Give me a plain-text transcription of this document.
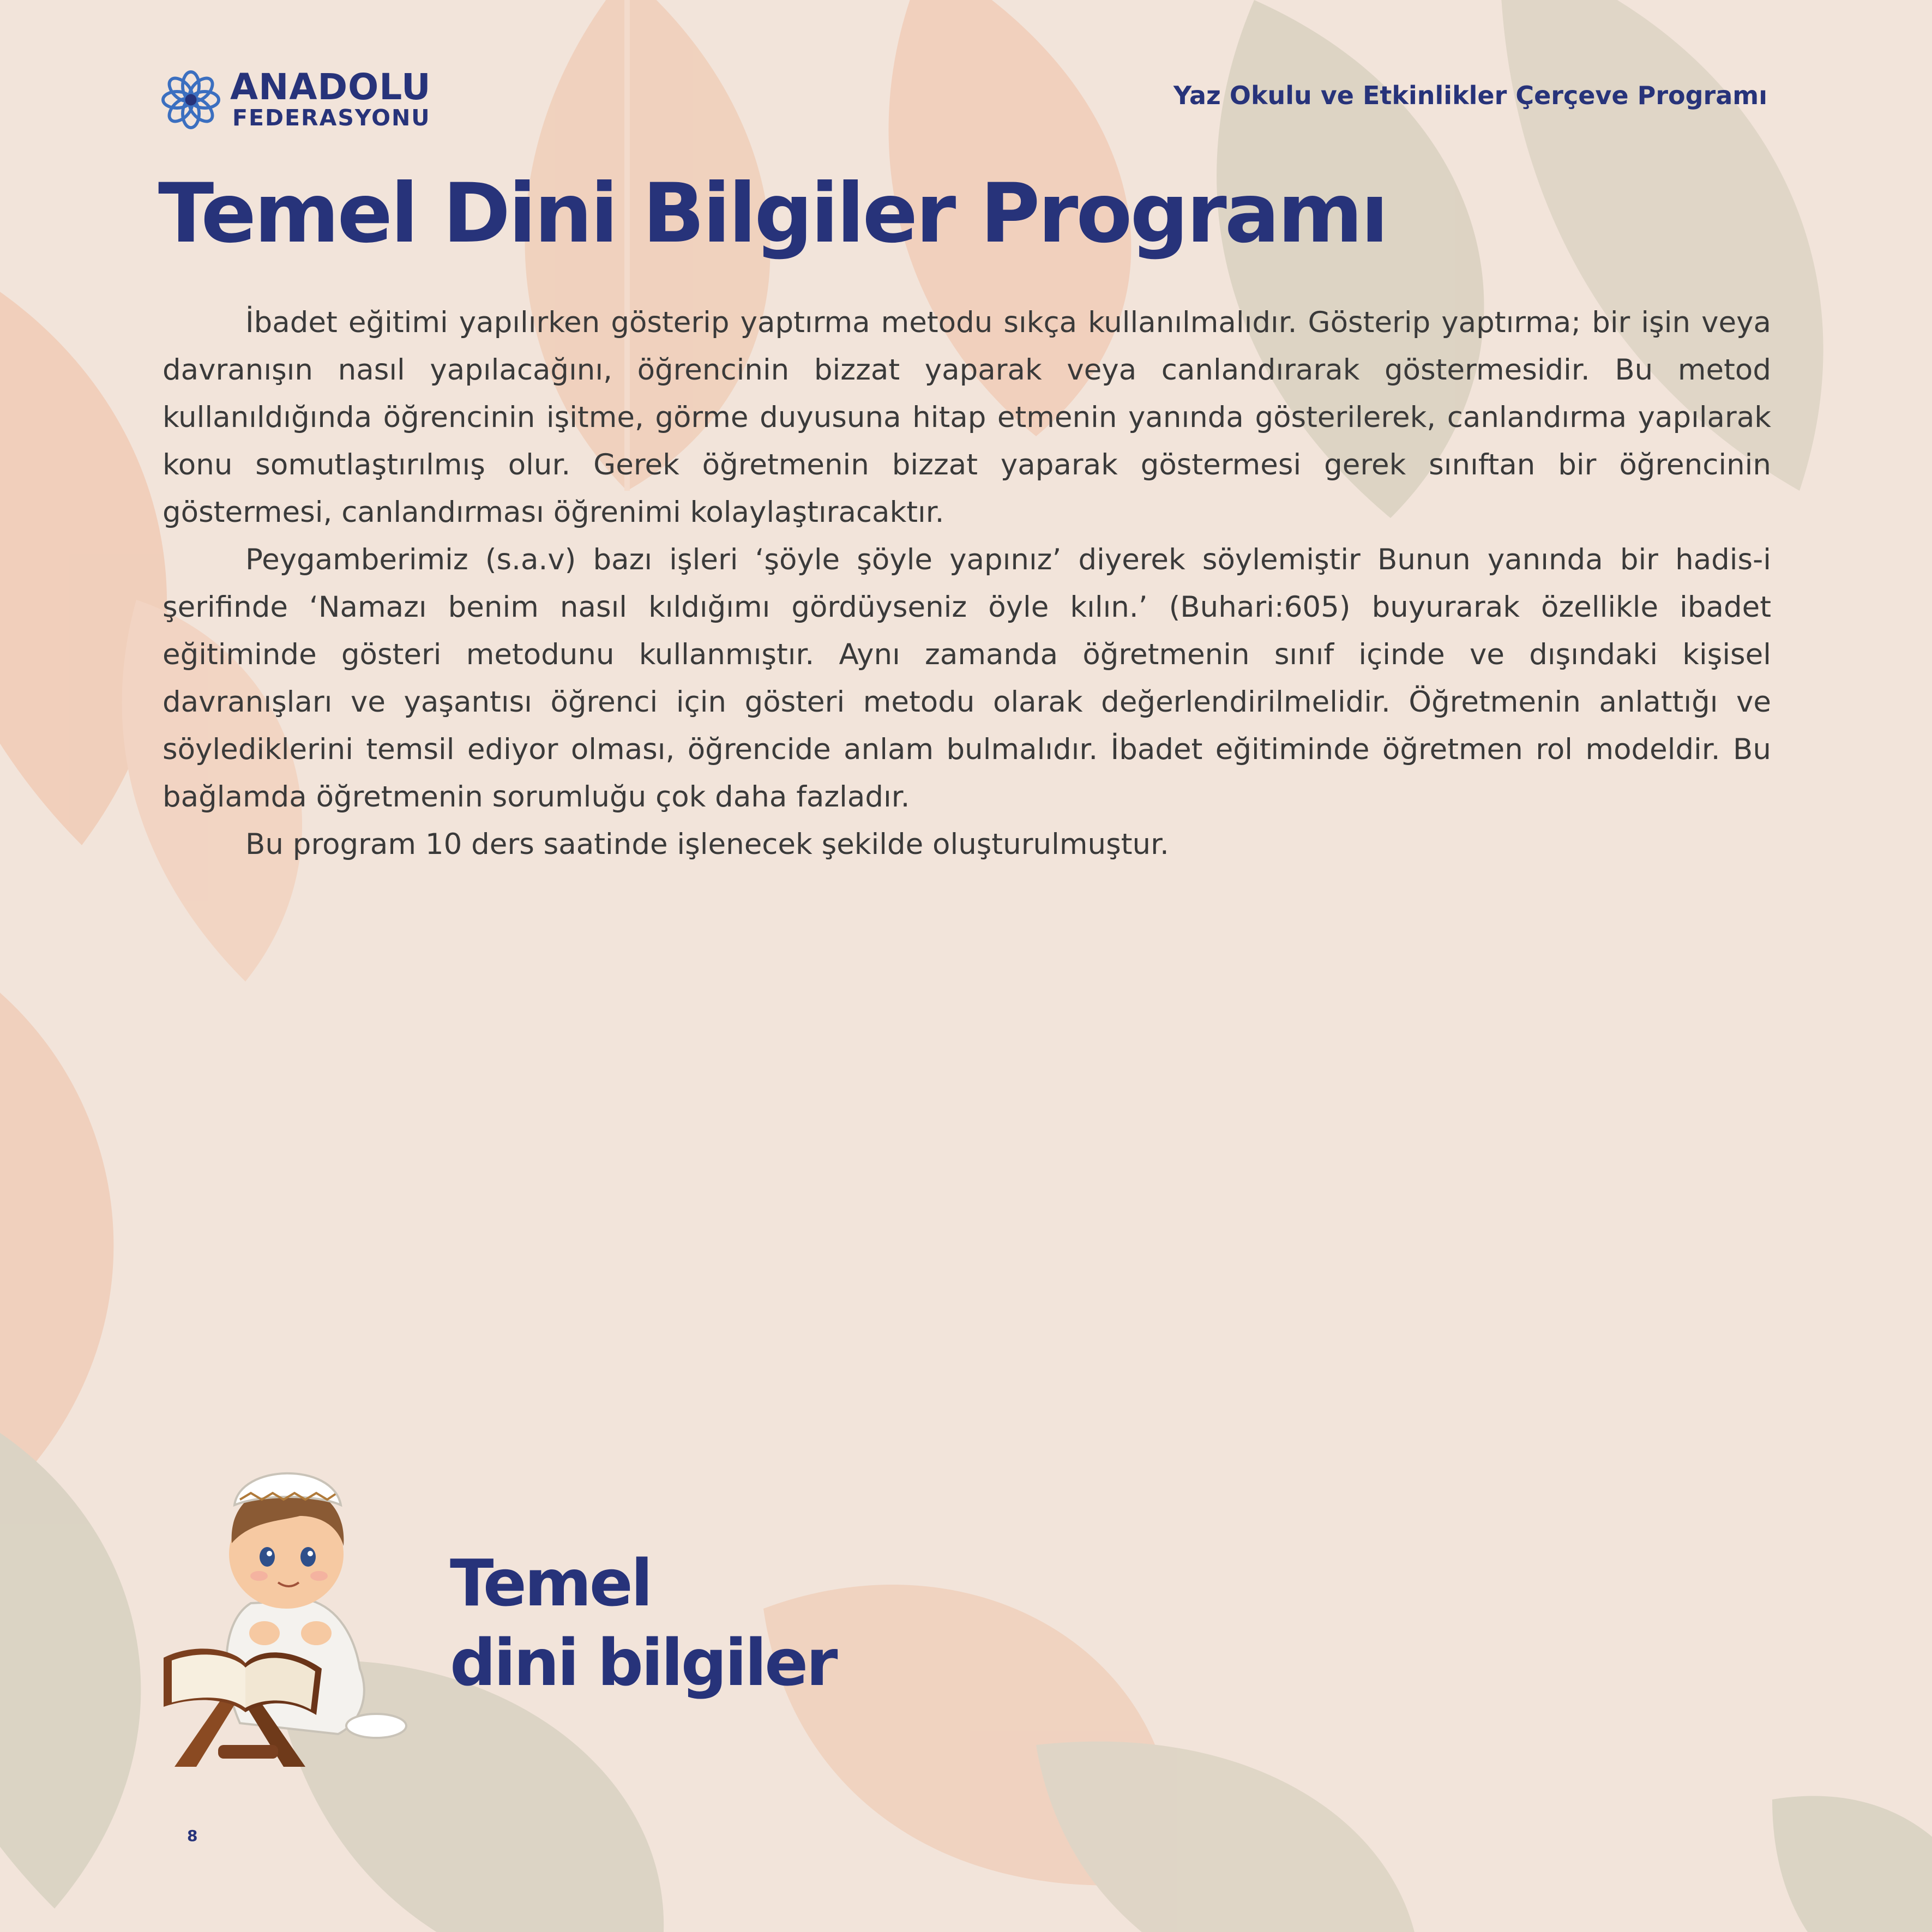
ANADOLU
FEDERASYONU
Yaz Okulu ve Etkinlikler Çerçeve Programı
Temel Dini Bilgiler Programı

İbadet eğitimi yapılırken gösterip yaptırma metodu sıkça kullanılmalıdır. Gösterip yaptırma; bir işin veya davranışın nasıl yapılacağını, öğrencinin bizzat yaparak veya canlandırarak göstermesidir. Bu metod kullanıldığında öğrencinin işitme, görme duyusuna hitap etmenin yanında gösterilerek, canlandırma yapılarak konu somutlaştırılmış olur. Gerek öğretmenin bizzat yaparak göstermesi gerek sınıftan bir öğrencinin göstermesi, canlandırması öğrenimi kolaylaştıracaktır.

Peygamberimiz (s.a.v) bazı işleri ‘şöyle şöyle yapınız’ diyerek söylemiştir Bunun yanında bir hadis-i şerifinde ‘Namazı benim nasıl kıldığımı gördüyseniz öyle kılın.’ (Buhari:605) buyurarak özellikle ibadet eğitiminde gösteri metodunu kullanmıştır. Aynı zamanda öğretmenin sınıf içinde ve dışındaki kişisel davranışları ve yaşantısı öğrenci için gösteri metodu olarak değerlendirilmelidir. Öğretmenin anlattığı ve söylediklerini temsil ediyor olması, öğrencide anlam bulmalıdır. İbadet eğitiminde öğretmen rol modeldir. Bu bağlamda öğretmenin sorumluğu çok daha fazladır.

Bu program 10 ders saatinde işlenecek şekilde oluşturulmuştur.

Temel
dini bilgiler
8
